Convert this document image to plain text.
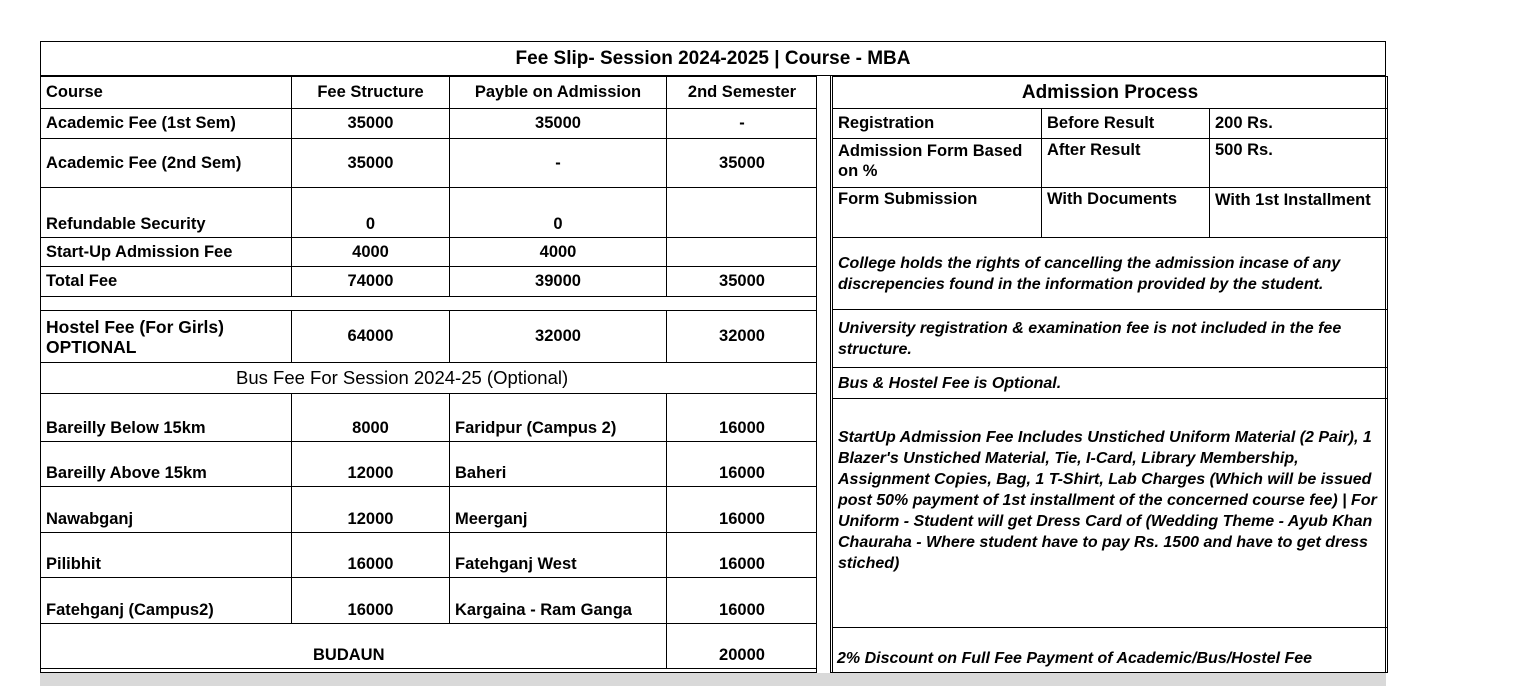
Fee Slip- Session 2024-2025 | Course - MBA
Course	Fee Structure	Payble on Admission	2nd Semester
Academic Fee (1st Sem)	35000	35000	-
Academic Fee (2nd Sem)	35000	-	35000
Refundable Security	0	0	
Start-Up Admission Fee	4000	4000	
Total Fee	74000	39000	35000

Hostel Fee (For Girls) OPTIONAL	64000	32000	32000
Bus Fee For Session 2024-25 (Optional)			
Bareilly Below 15km	8000	Faridpur (Campus 2)	16000
Bareilly Above 15km	12000	Baheri	16000
Nawabganj	12000	Meerganj	16000
Pilibhit	16000	Fatehganj West	16000
Fatehganj (Campus2)	16000	Kargaina - Ram Ganga	16000
BUDAUN			20000
Admission Process		
Registration	Before Result	200 Rs.
Admission Form Based on %	After Result	500 Rs.
Form Submission	With Documents	With 1st Installment
College holds the rights of cancelling the admission incase of any discrepencies found in the information provided by the student.		
University registration & examination fee is not included in the fee structure.		
Bus & Hostel Fee is Optional.		
StartUp Admission Fee Includes Unstiched Uniform Material (2 Pair), 1 Blazer's Unstiched Material, Tie, I-Card, Library Membership, Assignment Copies, Bag, 1 T-Shirt, Lab Charges (Which will be issued post 50% payment of 1st installment of the concerned course fee) | For Uniform - Student will get Dress Card of (Wedding Theme - Ayub Khan Chauraha - Where student have to pay Rs. 1500 and have to get dress stiched)		
2% Discount on Full Fee Payment of Academic/Bus/Hostel Fee		
